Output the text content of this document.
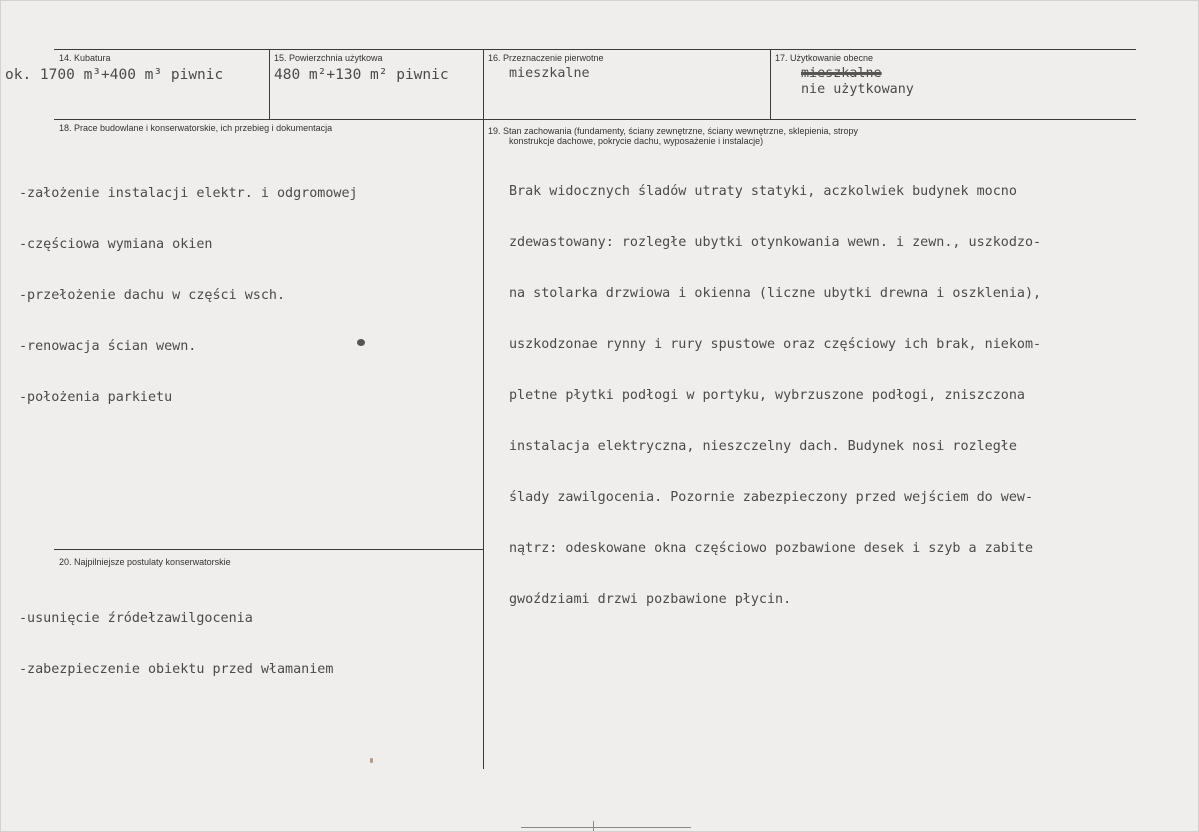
14. Kubatura
ok. 1700 m³+400 m³ piwnic
15. Powierzchnia użytkowa
480 m²+130 m² piwnic
16. Przeznaczenie pierwotne
mieszkalne
17. Użytkowanie obecne
mieszkalne
nie użytkowany
18. Prace budowlane i konserwatorskie, ich przebieg i dokumentacja

-założenie instalacji elektr. i odgromowej

-częściowa wymiana okien

-przełożenie dachu w części wsch.

-renowacja ścian wewn.

-położenia parkietu

19. Stan zachowania (fundamenty, ściany zewnętrzne, ściany wewnętrzne, sklepienia, stropy
konstrukcje dachowe, pokrycie dachu, wyposażenie i instalacje)

Brak widocznych śladów utraty statyki, aczkolwiek budynek mocno

zdewastowany: rozległe ubytki otynkowania wewn. i zewn., uszkodzo-

na stolarka drzwiowa i okienna (liczne ubytki drewna i oszklenia),

uszkodzonae rynny i rury spustowe oraz częściowy ich brak, niekom-

pletne płytki podłogi w portyku, wybrzuszone podłogi, zniszczona

instalacja elektryczna, nieszczelny dach. Budynek nosi rozległe

ślady zawilgocenia. Pozornie zabezpieczony przed wejściem do wew-

nątrz: odeskowane okna częściowo pozbawione desek i szyb a zabite

gwoździami drzwi pozbawione płycin.

20. Najpilniejsze postulaty konserwatorskie

-usunięcie źródełzawilgocenia

-zabezpieczenie obiektu przed włamaniem
